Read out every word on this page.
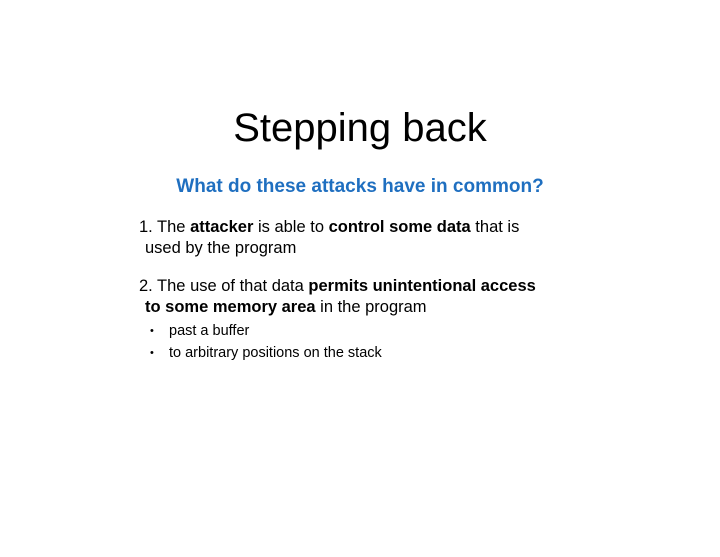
Stepping back
What do these attacks have in common?
1. The attacker is able to control some data that is
used by the program
2. The use of that data permits unintentional access
to some memory area in the program
• past a buffer
• to arbitrary positions on the stack
